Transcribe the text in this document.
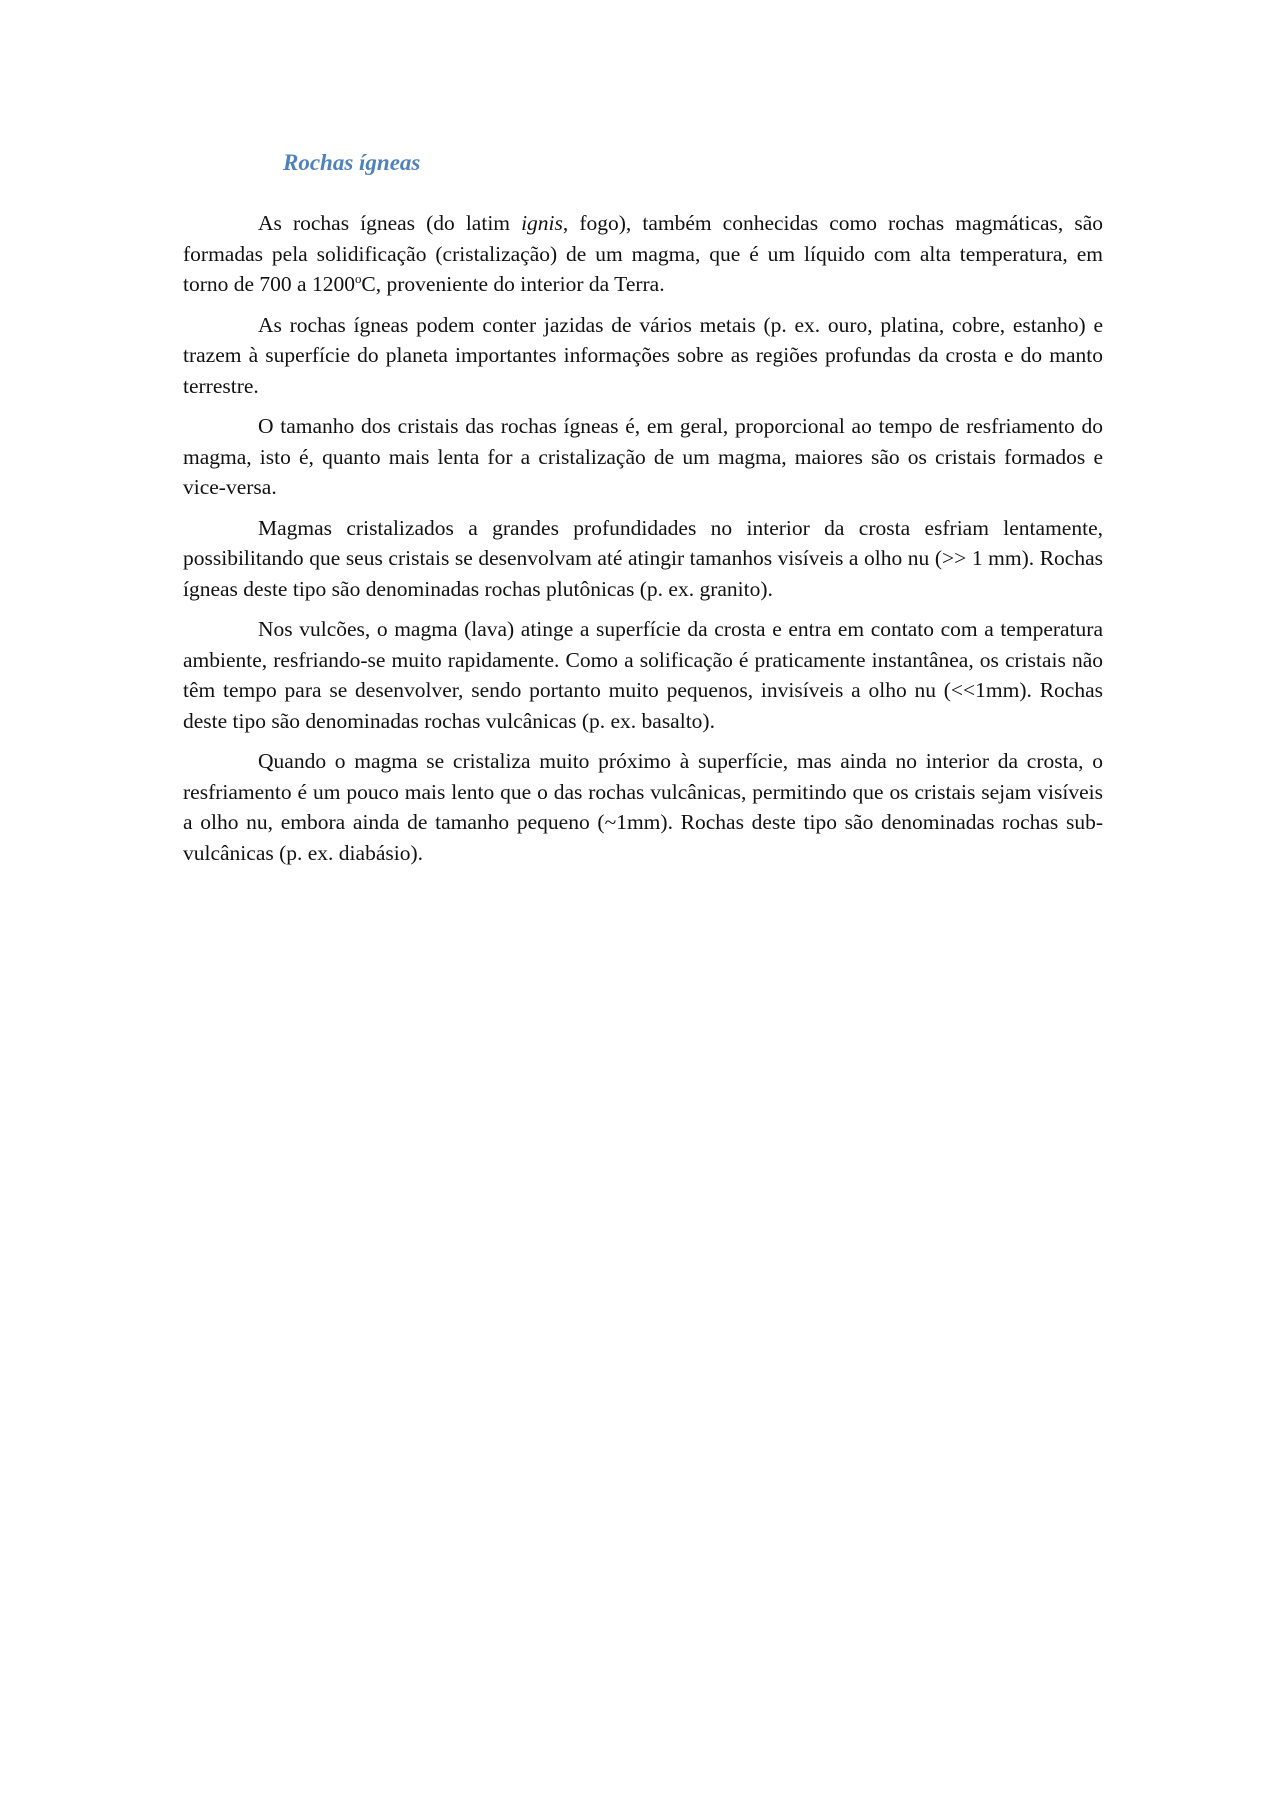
Rochas ígneas

As rochas ígneas (do latim ignis, fogo), também conhecidas como rochas magmáticas, são formadas pela solidificação (cristalização) de um magma, que é um líquido com alta temperatura, em torno de 700 a 1200$^o$C, proveniente do interior da Terra.

As rochas ígneas podem conter jazidas de vários metais (p. ex. ouro, platina, cobre, estanho) e trazem à superfície do planeta importantes informações sobre as regiões profundas da crosta e do manto terrestre.

O tamanho dos cristais das rochas ígneas é, em geral, proporcional ao tempo de resfriamento do magma, isto é, quanto mais lenta for a cristalização de um magma, maiores são os cristais formados e vice-versa.

Magmas cristalizados a grandes profundidades no interior da crosta esfriam lentamente, possibilitando que seus cristais se desenvolvam até atingir tamanhos visíveis a olho nu (>> 1 mm). Rochas ígneas deste tipo são denominadas rochas plutônicas (p. ex. granito).

Nos vulcões, o magma (lava) atinge a superfície da crosta e entra em contato com a temperatura ambiente, resfriando-se muito rapidamente. Como a solificação é praticamente instantânea, os cristais não têm tempo para se desenvolver, sendo portanto muito pequenos, invisíveis a olho nu (<<1mm). Rochas deste tipo são denominadas rochas vulcânicas (p. ex. basalto).

Quando o magma se cristaliza muito próximo à superfície, mas ainda no interior da crosta, o resfriamento é um pouco mais lento que o das rochas vulcânicas, permitindo que os cristais sejam visíveis a olho nu, embora ainda de tamanho pequeno (~1mm). Rochas deste tipo são denominadas rochas sub-vulcânicas (p. ex. diabásio).
